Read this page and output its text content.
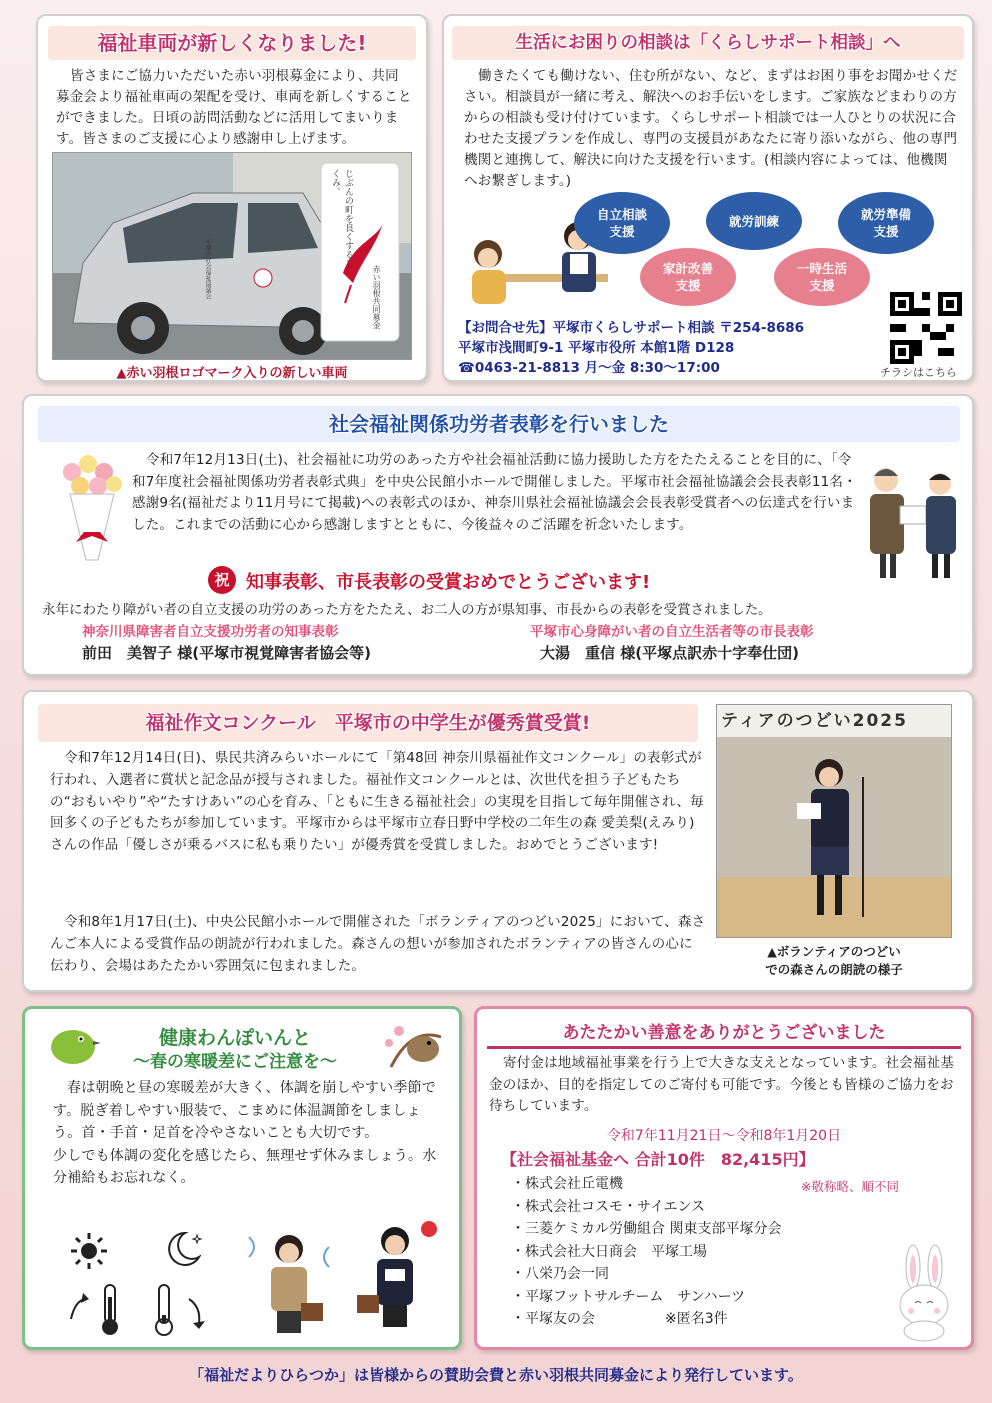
福祉車両が新しくなりました!
皆さまにご協力いただいた赤い羽根募金により、共同募金会より福祉車両の架配を受け、車両を新しくすることができました。日頃の訪問活動などに活用してまいります。皆さまのご支援に心より感謝申し上げます。
平塚市社会福祉協議会
じぶんの町を良くするしくみ。
赤い羽根共同募金
▲赤い羽根ロゴマーク入りの新しい車両
生活にお困りの相談は「くらしサポート相談」へ
働きたくても働けない、住む所がない、など、まずはお困り事をお聞かせください。相談員が一緒に考え、解決へのお手伝いをします。ご家族などまわりの方からの相談も受け付けています。くらしサポート相談では一人ひとりの状況に合わせた支援プランを作成し、専門の支援員があなたに寄り添いながら、他の専門機関と連携して、解決に向けた支援を行います。(相談内容によっては、他機関へお繋ぎします。)
自立相談
支援
就労訓練	就労準備
支援
家計改善
支援
一時生活
支援
【お問合せ先】平塚市くらしサポート相談 〒254-8686
平塚市浅間町9-1 平塚市役所 本館1階 D128
☎0463-21-8813 月〜金 8:30〜17:00	チラシはこちら
社会福祉関係功労者表彰を行いました
令和7年12月13日(土)、社会福祉に功労のあった方や社会福祉活動に協力援助した方をたたえることを目的に、「令和7年度社会福祉関係功労者表彰式典」を中央公民館小ホールで開催しました。平塚市社会福祉協議会会長表彰11名・感謝9名(福祉だより11月号にて掲載)への表彰式のほか、神奈川県社会福祉協議会会長表彰受賞者への伝達式を行いました。これまでの活動に心から感謝しますとともに、今後益々のご活躍を祈念いたします。
祝 知事表彰、市長表彰の受賞おめでとうございます!
永年にわたり障がい者の自立支援の功労のあった方をたたえ、お二人の方が県知事、市長からの表彰を受賞されました。
神奈川県障害者自立支援功労者の知事表彰
前田　美智子 様(平塚市視覚障害者協会等)
平塚市心身障がい者の自立生活者等の市長表彰
大湯　重信 様(平塚点訳赤十字奉仕団)
福祉作文コンクール　平塚市の中学生が優秀賞受賞!
令和7年12月14日(日)、県民共済みらいホールにて「第48回 神奈川県福祉作文コンクール」の表彰式が行われ、入選者に賞状と記念品が授与されました。福祉作文コンクールとは、次世代を担う子どもたちの“おもいやり”や“たすけあい”の心を育み、「ともに生きる福祉社会」の実現を目指して毎年開催され、毎回多くの子どもたちが参加しています。平塚市からは平塚市立春日野中学校の二年生の森 愛美梨(えみり)さんの作品「優しさが乗るバスに私も乗りたい」が優秀賞を受賞しました。おめでとうございます!
令和8年1月17日(土)、中央公民館小ホールで開催された「ボランティアのつどい2025」において、森さんご本人による受賞作品の朗読が行われました。森さんの想いが参加されたボランティアの皆さんの心に伝わり、会場はあたたかい雰囲気に包まれました。
ティアのつどい2025
▲ボランティアのつどい
での森さんの朗読の様子
健康わんぽいんと
〜春の寒暖差にご注意を〜
春は朝晩と昼の寒暖差が大きく、体調を崩しやすい季節です。脱ぎ着しやすい服装で、こまめに体温調節をしましょう。首・手首・足首を冷やさないことも大切です。
少しでも体調の変化を感じたら、無理せず休みましょう。水分補給もお忘れなく。
あたたかい善意をありがとうございました
寄付金は地域福祉事業を行う上で大きな支えとなっています。社会福祉基金のほか、目的を指定してのご寄付も可能です。今後とも皆様のご協力をお待ちしています。
令和7年11月21日〜令和8年1月20日
【社会福祉基金へ 合計10件　82,415円】
※敬称略、順不同
・株式会社丘電機
・株式会社コスモ・サイエンス
・三菱ケミカル労働組合 関東支部平塚分会
・株式会社大日商会　平塚工場
・八栄乃会一同
・平塚フットサルチーム　サンハーツ
・平塚友の会　　　　　※匿名3件
「福祉だよりひらつか」は皆様からの賛助会費と赤い羽根共同募金により発行しています。
